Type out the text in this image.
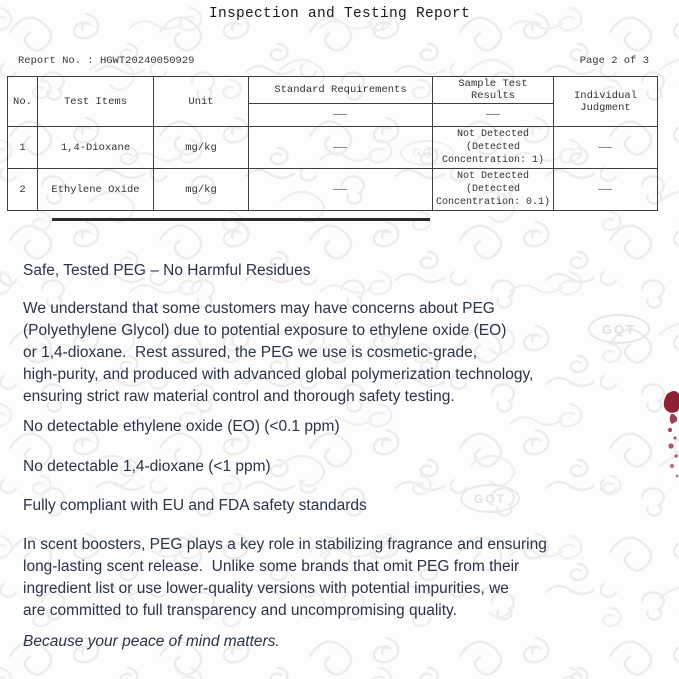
GQT
GQT
GQT
Inspection and Testing Report
Report No. : HGWT20240050929	Page 2 of 3
No.	Test Items	Unit	Standard Requirements	Sample Test Results	Individual Judgment
			—	—	
1	1,4-Dioxane	mg/kg	—	Not Detected
(Detected
Concentration: 1)	—
2	Ethylene Oxide	mg/kg	—	Not Detected
(Detected
Concentration: 0.1)	—
Safe, Tested PEG – No Harmful Residues
We understand that some customers may have concerns about PEG
(Polyethylene Glycol) due to potential exposure to ethylene oxide (EO)
or 1,4-dioxane.  Rest assured, the PEG we use is cosmetic-grade,
high-purity, and produced with advanced global polymerization technology,
ensuring strict raw material control and thorough safety testing.
No detectable ethylene oxide (EO) (<0.1 ppm)
No detectable 1,4-dioxane (<1 ppm)
Fully compliant with EU and FDA safety standards
In scent boosters, PEG plays a key role in stabilizing fragrance and ensuring
long-lasting scent release.  Unlike some brands that omit PEG from their
ingredient list or use lower-quality versions with potential impurities, we
are committed to full transparency and uncompromising quality.
Because your peace of mind matters.
